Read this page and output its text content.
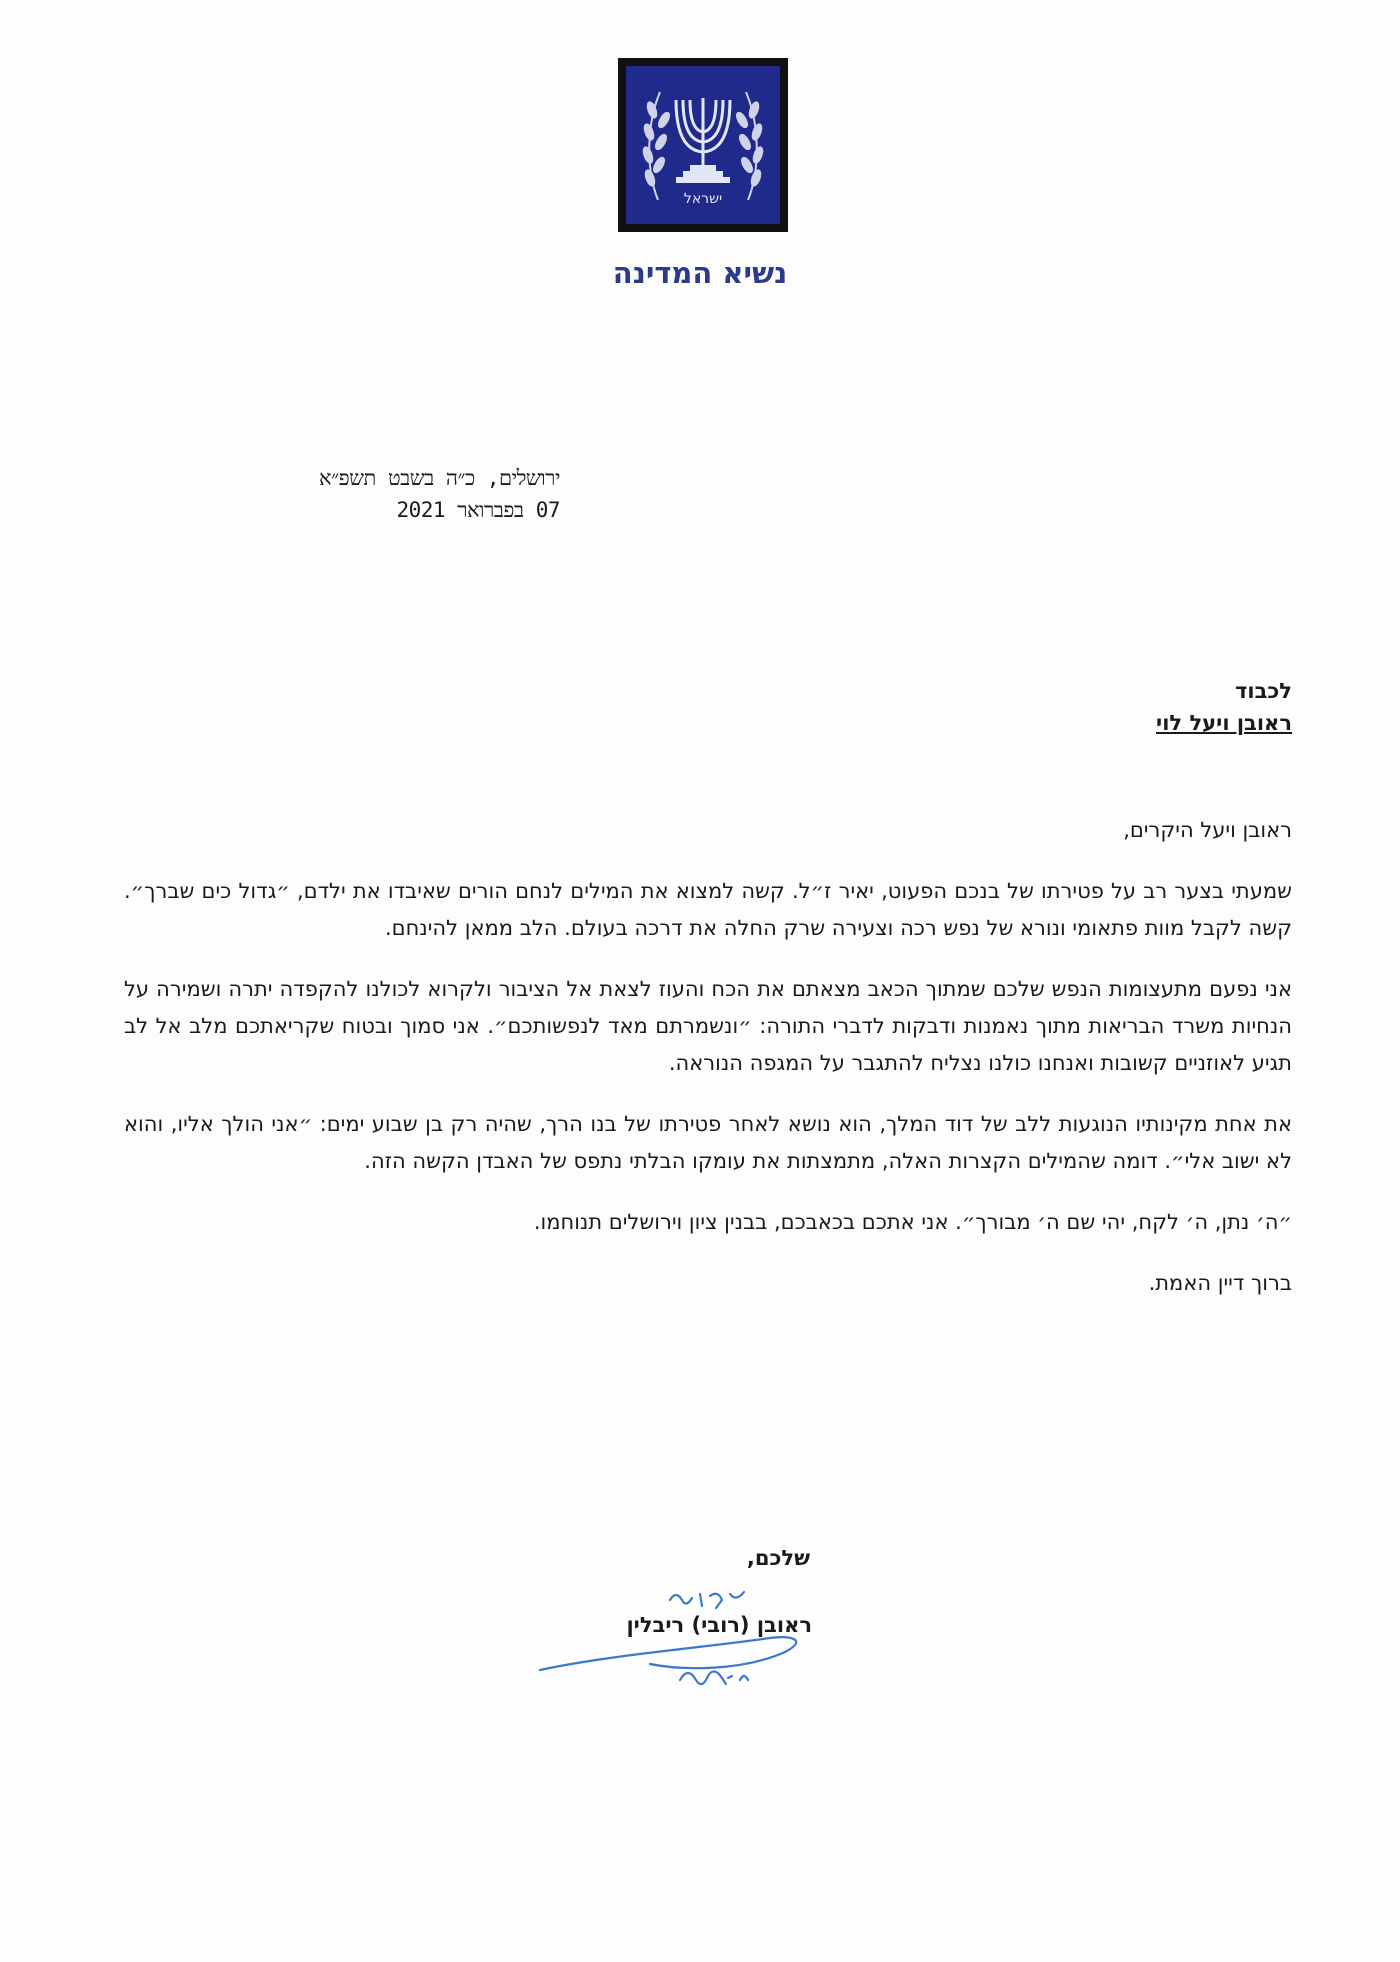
ישראל
נשיא המדינה
ירושלים, כ״ה בשבט תשפ״א
07 בפברואר 2021
לכבוד
ראובן ויעל לוי

ראובן ויעל היקרים,

שמעתי בצער רב על פטירתו של בנכם הפעוט, יאיר ז״ל. קשה למצוא את המילים לנחם הורים שאיבדו את ילדם, ״גדול כים שברך״. קשה לקבל מוות פתאומי ונורא של נפש רכה וצעירה שרק החלה את דרכה בעולם. הלב ממאן להינחם.

אני נפעם מתעצומות הנפש שלכם שמתוך הכאב מצאתם את הכח והעוז לצאת אל הציבור ולקרוא לכולנו להקפדה יתרה ושמירה על הנחיות משרד הבריאות מתוך נאמנות ודבקות לדברי התורה: ״ונשמרתם מאד לנפשותכם״. אני סמוך ובטוח שקריאתכם מלב אל לב תגיע לאוזניים קשובות ואנחנו כולנו נצליח להתגבר על המגפה הנוראה.

את אחת מקינותיו הנוגעות ללב של דוד המלך, הוא נושא לאחר פטירתו של בנו הרך, שהיה רק בן שבוע ימים: ״אני הולך אליו, והוא לא ישוב אלי״. דומה שהמילים הקצרות האלה, מתמצתות את עומקו הבלתי נתפס של האבדן הקשה הזה.

״ה׳ נתן, ה׳ לקח, יהי שם ה׳ מבורך״. אני אתכם בכאבכם, בבנין ציון וירושלים תנוחמו.

ברוך דיין האמת.

שלכם,
ראובן (רובי) ריבלין
